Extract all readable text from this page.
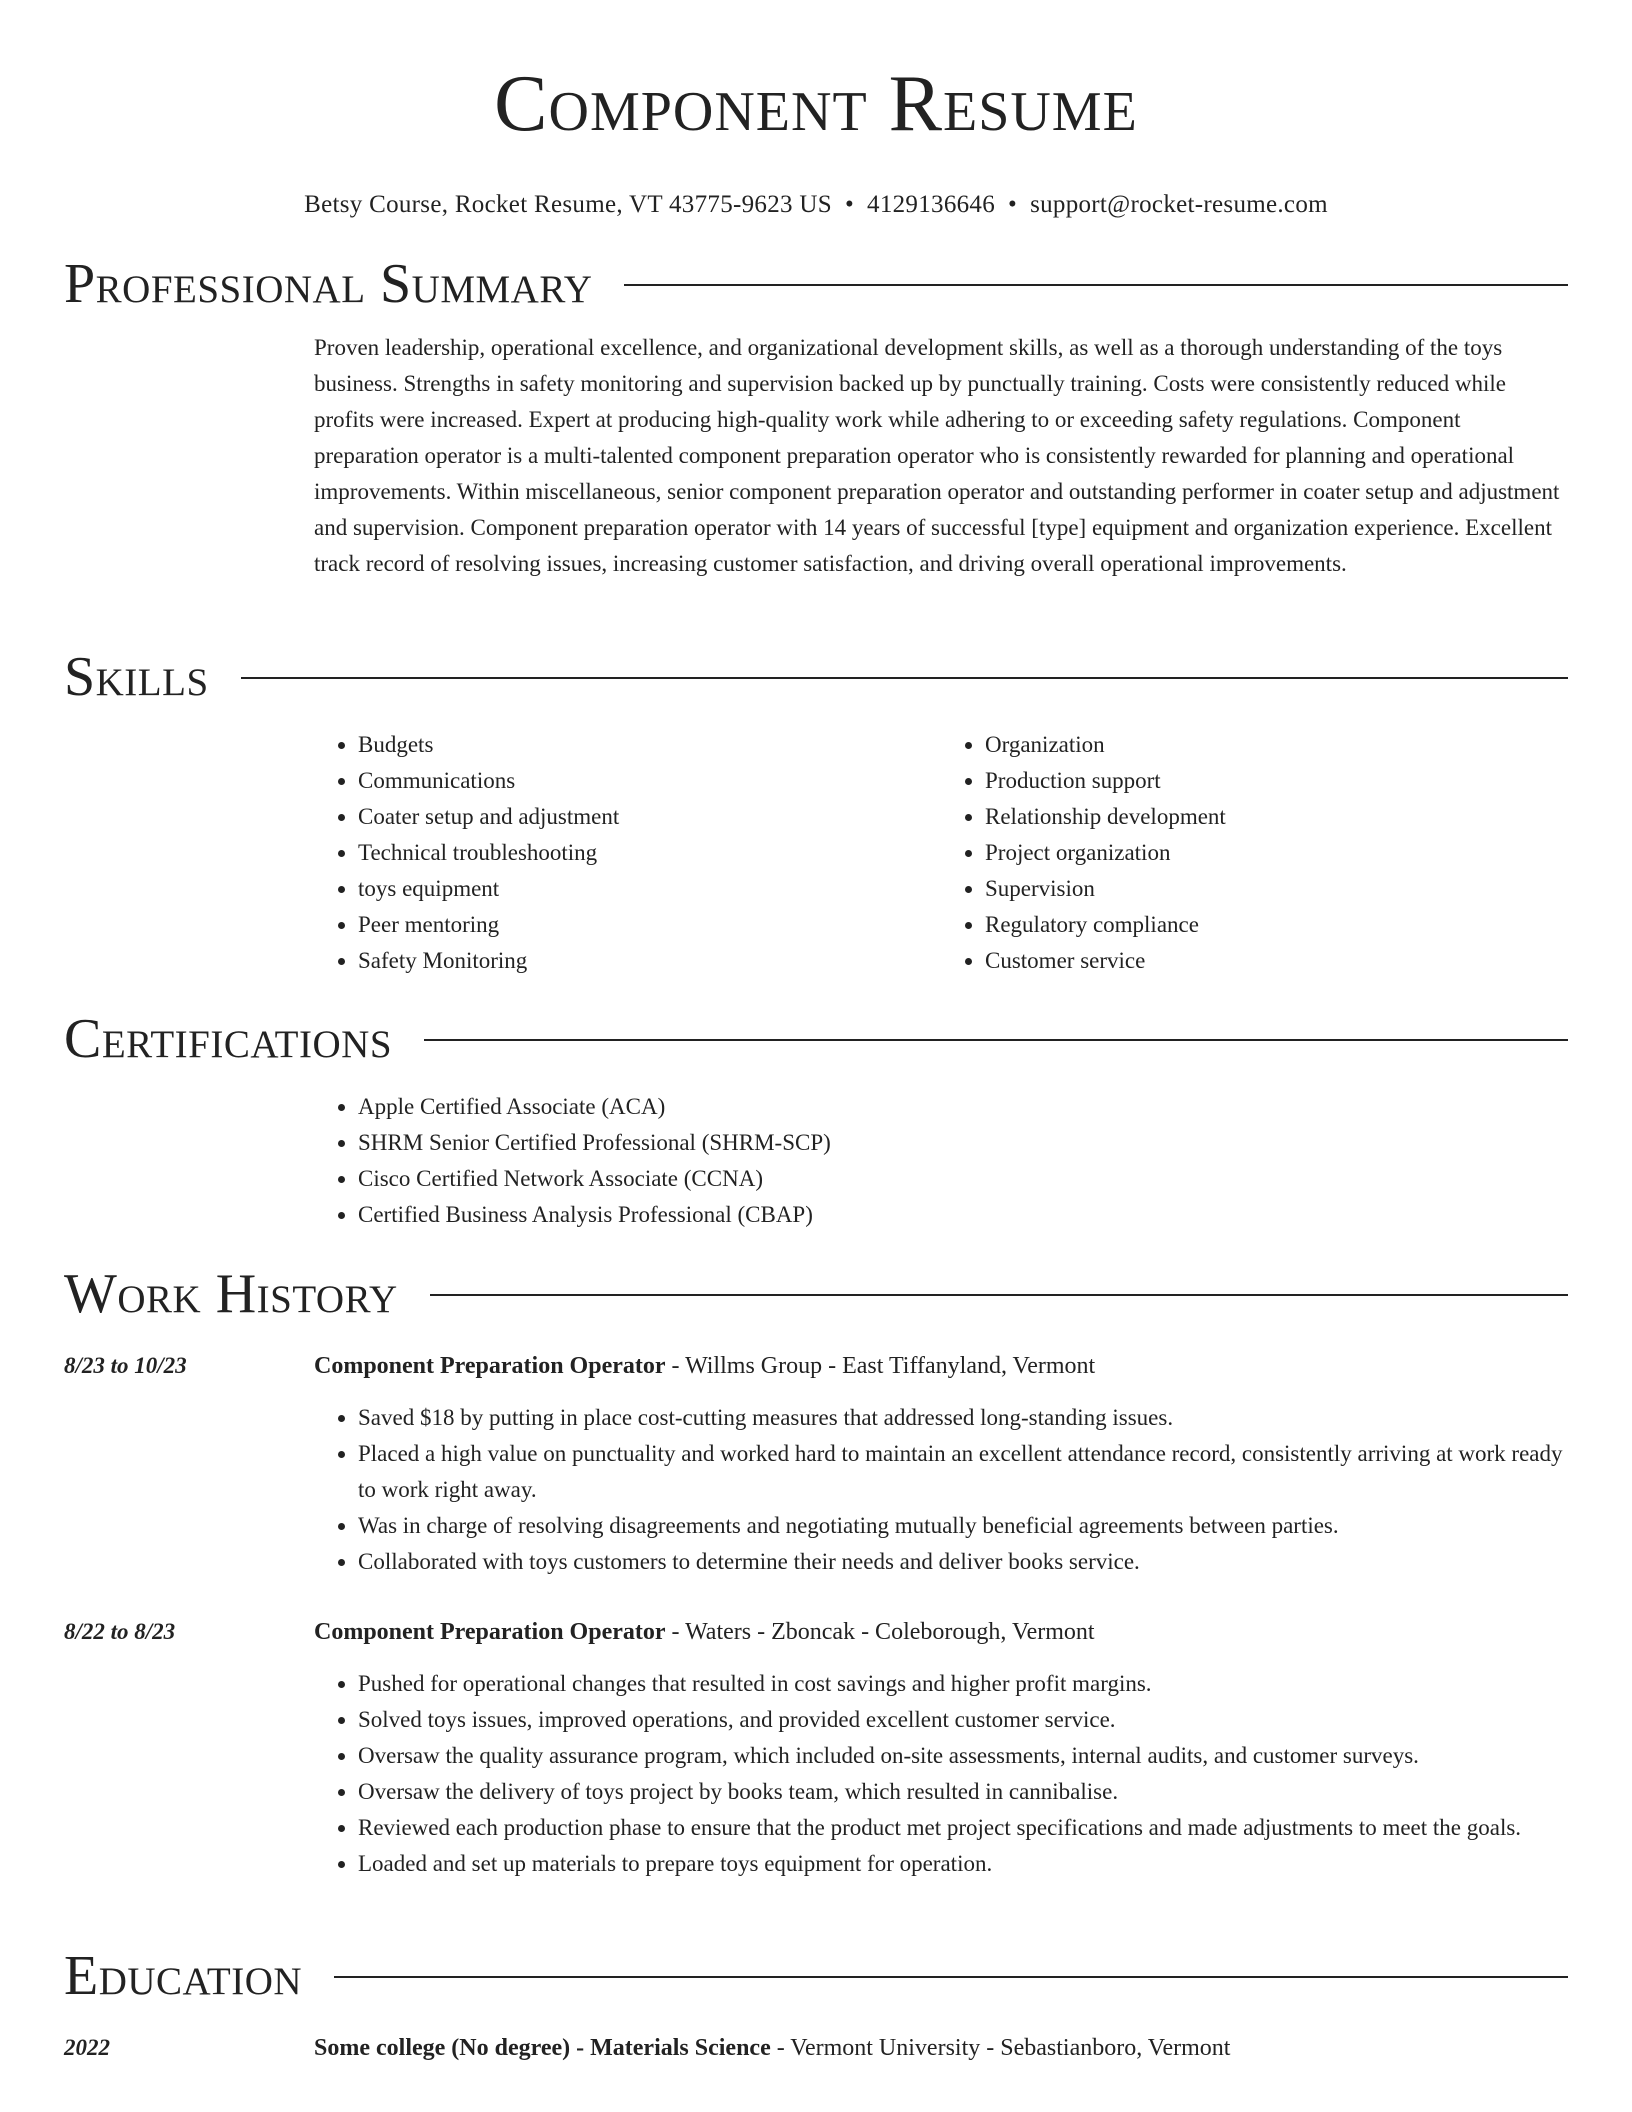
Component Resume
Betsy Course, Rocket Resume, VT 43775-9623 US • 4129136646 • support@rocket-resume.com
Professional Summary

Proven leadership, operational excellence, and organizational development skills, as well as a thorough understanding of the toys business. Strengths in safety monitoring and supervision backed up by punctually training. Costs were consistently reduced while profits were increased. Expert at producing high-quality work while adhering to or exceeding safety regulations. Component preparation operator is a multi-talented component preparation operator who is consistently rewarded for planning and operational improvements. Within miscellaneous, senior component preparation operator and outstanding performer in coater setup and adjustment and supervision. Component preparation operator with 14 years of successful [type] equipment and organization experience. Excellent track record of resolving issues, increasing customer satisfaction, and driving overall operational improvements.

Skills
• Budgets
• Communications
• Coater setup and adjustment
• Technical troubleshooting
• toys equipment
• Peer mentoring
• Safety Monitoring
• Organization
• Production support
• Relationship development
• Project organization
• Supervision
• Regulatory compliance
• Customer service
Certifications
• Apple Certified Associate (ACA)
• SHRM Senior Certified Professional (SHRM-SCP)
• Cisco Certified Network Associate (CCNA)
• Certified Business Analysis Professional (CBAP)
Work History
8/23 to 10/23	Component Preparation Operator - Willms Group - East Tiffanyland, Vermont
• Saved $18 by putting in place cost-cutting measures that addressed long-standing issues.
• Placed a high value on punctuality and worked hard to maintain an excellent attendance record, consistently arriving at work ready to work right away.
• Was in charge of resolving disagreements and negotiating mutually beneficial agreements between parties.
• Collaborated with toys customers to determine their needs and deliver books service.
8/22 to 8/23	Component Preparation Operator - Waters - Zboncak - Coleborough, Vermont
• Pushed for operational changes that resulted in cost savings and higher profit margins.
• Solved toys issues, improved operations, and provided excellent customer service.
• Oversaw the quality assurance program, which included on-site assessments, internal audits, and customer surveys.
• Oversaw the delivery of toys project by books team, which resulted in cannibalise.
• Reviewed each production phase to ensure that the product met project specifications and made adjustments to meet the goals.
• Loaded and set up materials to prepare toys equipment for operation.
Education
2022	Some college (No degree) - Materials Science - Vermont University - Sebastianboro, Vermont
